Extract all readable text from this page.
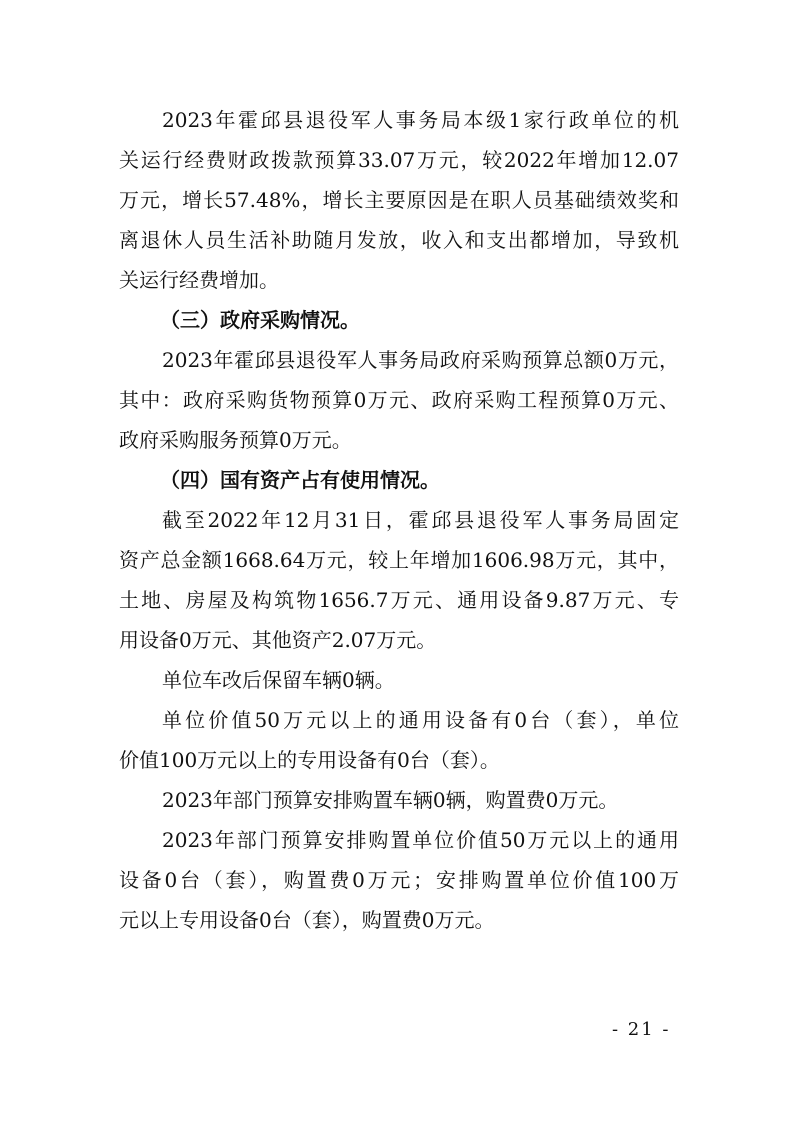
2023年霍邱县退役军人事务局本级1家行政单位的机
关运行经费财政拨款预算33.07万元，较2022年增加12.07
万元，增长57.48%，增长主要原因是在职人员基础绩效奖和
离退休人员生活补助随月发放，收入和支出都增加，导致机
关运行经费增加。
（三）政府采购情况。
2023年霍邱县退役军人事务局政府采购预算总额0万元，
其中：政府采购货物预算0万元、政府采购工程预算0万元、
政府采购服务预算0万元。
（四）国有资产占有使用情况。
截至2022年12月31日，霍邱县退役军人事务局固定
资产总金额1668.64万元，较上年增加1606.98万元，其中，
土地、房屋及构筑物1656.7万元、通用设备9.87万元、专
用设备0万元、其他资产2.07万元。
单位车改后保留车辆0辆。
单位价值50万元以上的通用设备有0台（套），单位
价值100万元以上的专用设备有0台（套）。
2023年部门预算安排购置车辆0辆，购置费0万元。
2023年部门预算安排购置单位价值50万元以上的通用
设备0台（套），购置费0万元；安排购置单位价值100万
元以上专用设备0台（套），购置费0万元。
- 21 -
